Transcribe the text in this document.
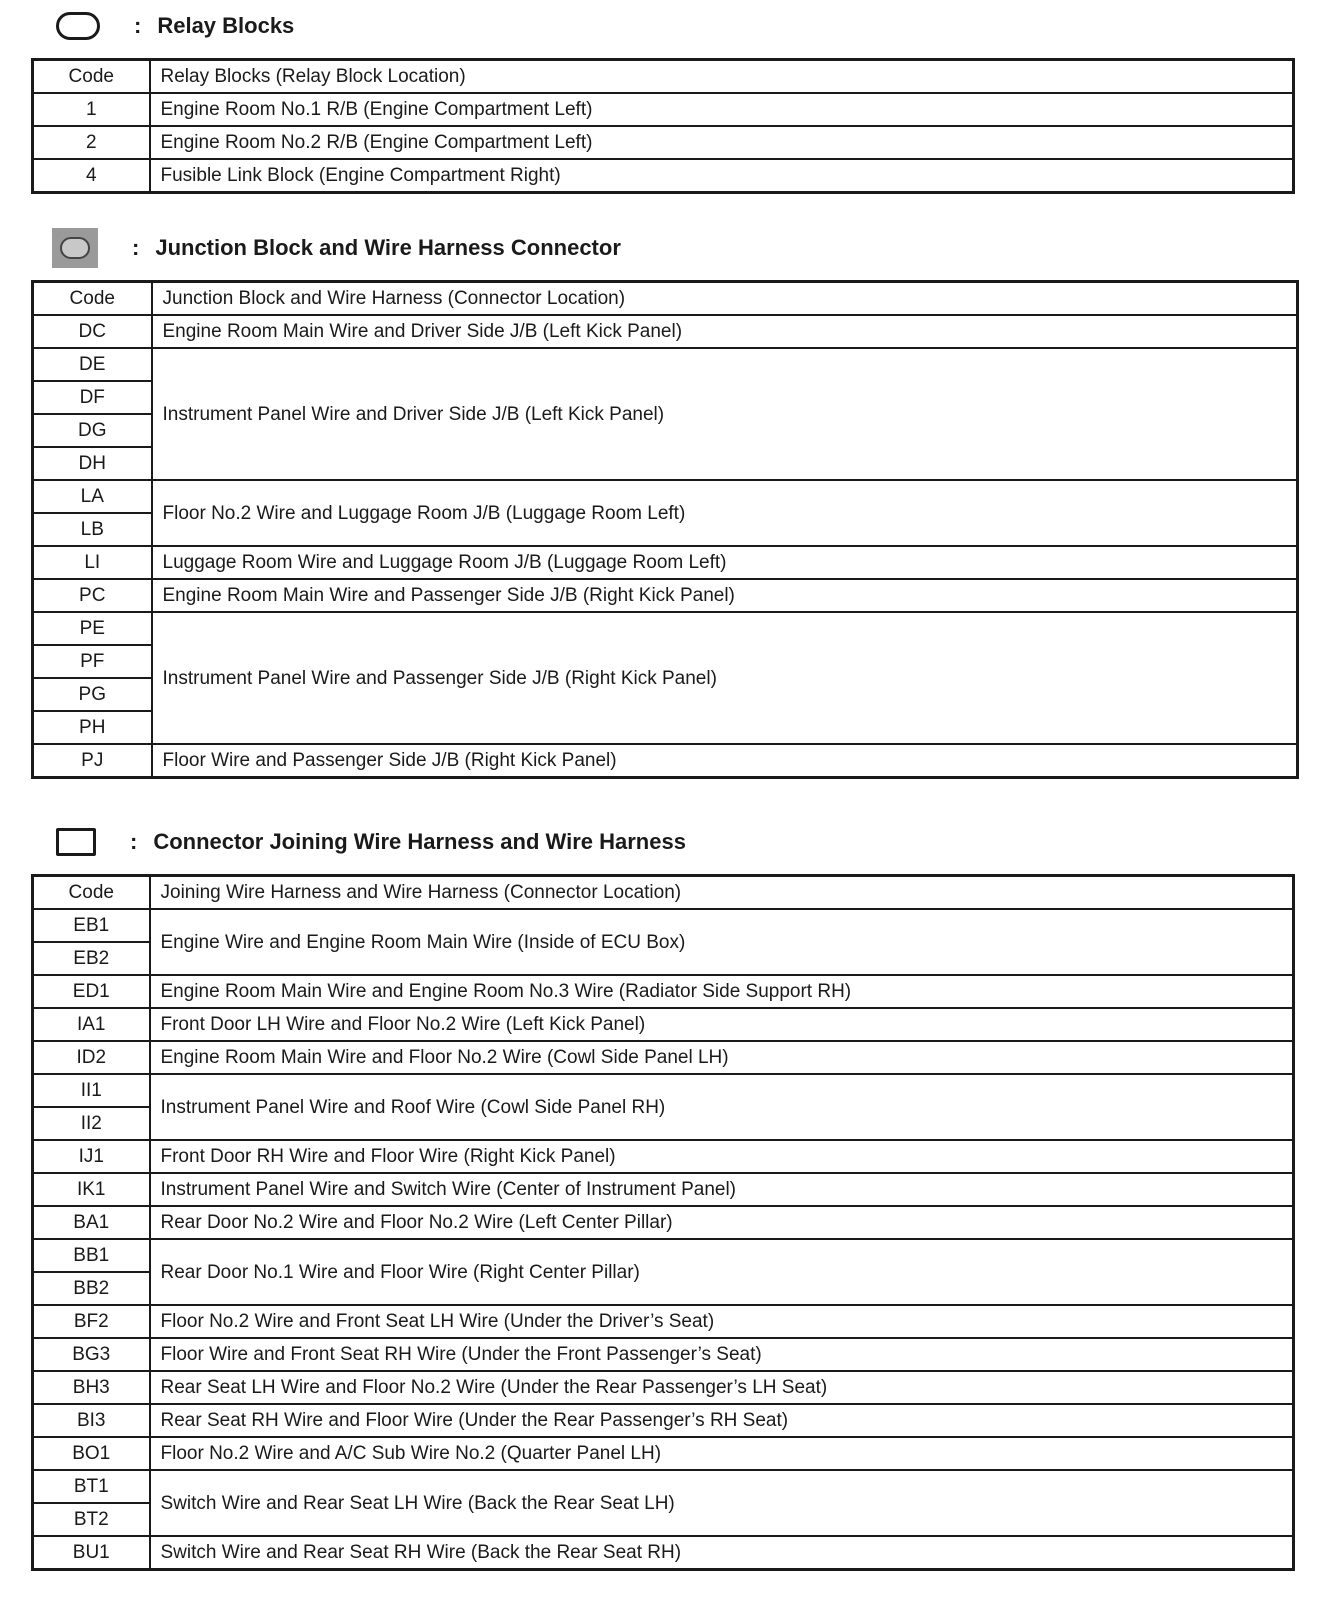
: Relay Blocks
Code	Relay Blocks (Relay Block Location)
1	Engine Room No.1 R/B (Engine Compartment Left)
2	Engine Room No.2 R/B (Engine Compartment Left)
4	Fusible Link Block (Engine Compartment Right)
: Junction Block and Wire Harness Connector
Code	Junction Block and Wire Harness (Connector Location)
DC	Engine Room Main Wire and Driver Side J/B (Left Kick Panel)
DE	Instrument Panel Wire and Driver Side J/B (Left Kick Panel)
DF	
DG	
DH	
LA	Floor No.2 Wire and Luggage Room J/B (Luggage Room Left)
LB	
LI	Luggage Room Wire and Luggage Room J/B (Luggage Room Left)
PC	Engine Room Main Wire and Passenger Side J/B (Right Kick Panel)
PE	Instrument Panel Wire and Passenger Side J/B (Right Kick Panel)
PF	
PG	
PH	
PJ	Floor Wire and Passenger Side J/B (Right Kick Panel)
: Connector Joining Wire Harness and Wire Harness
Code	Joining Wire Harness and Wire Harness (Connector Location)
EB1	Engine Wire and Engine Room Main Wire (Inside of ECU Box)
EB2	
ED1	Engine Room Main Wire and Engine Room No.3 Wire (Radiator Side Support RH)
IA1	Front Door LH Wire and Floor No.2 Wire (Left Kick Panel)
ID2	Engine Room Main Wire and Floor No.2 Wire (Cowl Side Panel LH)
II1	Instrument Panel Wire and Roof Wire (Cowl Side Panel RH)
II2	
IJ1	Front Door RH Wire and Floor Wire (Right Kick Panel)
IK1	Instrument Panel Wire and Switch Wire (Center of Instrument Panel)
BA1	Rear Door No.2 Wire and Floor No.2 Wire (Left Center Pillar)
BB1	Rear Door No.1 Wire and Floor Wire (Right Center Pillar)
BB2	
BF2	Floor No.2 Wire and Front Seat LH Wire (Under the Driver’s Seat)
BG3	Floor Wire and Front Seat RH Wire (Under the Front Passenger’s Seat)
BH3	Rear Seat LH Wire and Floor No.2 Wire (Under the Rear Passenger’s LH Seat)
BI3	Rear Seat RH Wire and Floor Wire (Under the Rear Passenger’s RH Seat)
BO1	Floor No.2 Wire and A/C Sub Wire No.2 (Quarter Panel LH)
BT1	Switch Wire and Rear Seat LH Wire (Back the Rear Seat LH)
BT2	
BU1	Switch Wire and Rear Seat RH Wire (Back the Rear Seat RH)
